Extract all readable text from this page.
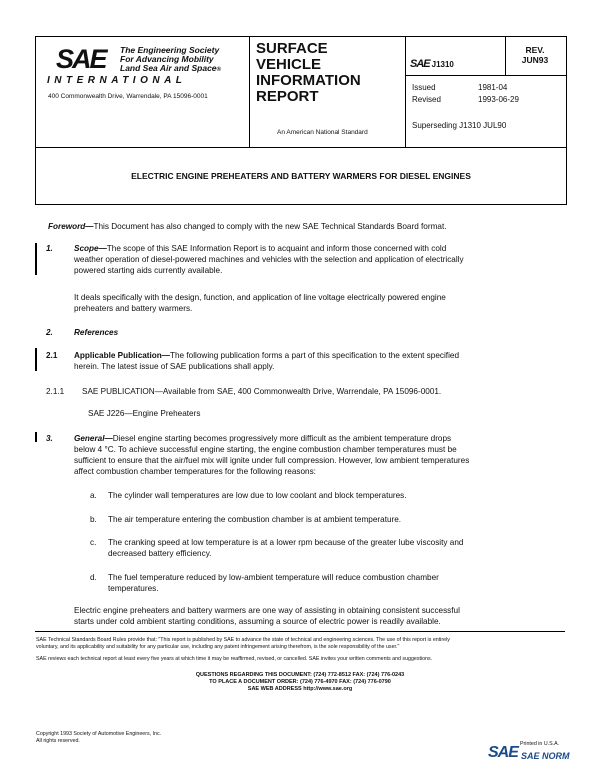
SAE The Engineering Society
For Advancing Mobility
Land Sea Air and Space®
INTERNATIONAL
400 Commonwealth Drive, Warrendale, PA 15096-0001
SURFACE
VEHICLE
INFORMATION
REPORT
An American National Standard
SAE J1310
REV.
JUN93
Issued	1981-04
Revised	1993-06-29
Superseding J1310 JUL90
ELECTRIC ENGINE PREHEATERS AND BATTERY WARMERS FOR DIESEL ENGINES
Foreword—This Document has also changed to comply with the new SAE Technical Standards Board format.
1.	Scope—The scope of this SAE Information Report is to acquaint and inform those concerned with cold
weather operation of diesel-powered machines and vehicles with the selection and application of electrically
powered starting aids currently available.
It deals specifically with the design, function, and application of line voltage electrically powered engine
preheaters and battery warmers.
2.	References
2.1 Applicable Publication—The following publication forms a part of this specification to the extent specified
herein. The latest issue of SAE publications shall apply.
2.1.1 SAE PUBLICATION—Available from SAE, 400 Commonwealth Drive, Warrendale, PA 15096-0001.
SAE J226—Engine Preheaters
3.	General—Diesel engine starting becomes progressively more difficult as the ambient temperature drops
below 4 °C. To achieve successful engine starting, the engine combustion chamber temperatures must be
sufficient to ensure that the air/fuel mix will ignite under full compression. However, low ambient temperatures
affect combustion chamber temperatures for the following reasons:
a. The cylinder wall temperatures are low due to low coolant and block temperatures.
b. The air temperature entering the combustion chamber is at ambient temperature.
c. The cranking speed at low temperature is at a lower rpm because of the greater lube viscosity and
decreased battery efficiency.
d. The fuel temperature reduced by low-ambient temperature will reduce combustion chamber
temperatures.
Electric engine preheaters and battery warmers are one way of assisting in obtaining consistent successful
starts under cold ambient starting conditions, assuming a source of electric power is readily available.
SAE Technical Standards Board Rules provide that: "This report is published by SAE to advance the state of technical and engineering sciences. The use of this report is entirely
voluntary, and its applicability and suitability for any particular use, including any patent infringement arising therefrom, is the sole responsibility of the user."
SAE reviews each technical report at least every five years at which time it may be reaffirmed, revised, or cancelled. SAE invites your written comments and suggestions.
QUESTIONS REGARDING THIS DOCUMENT: (724) 772-8512 FAX: (724) 776-0243
TO PLACE A DOCUMENT ORDER: (724) 776-4970 FAX: (724) 776-0790
SAE WEB ADDRESS http://www.sae.org
Copyright 1993 Society of Automotive Engineers, Inc.
All rights reserved.	Printed in U.S.A.
SAE SAE NORM
